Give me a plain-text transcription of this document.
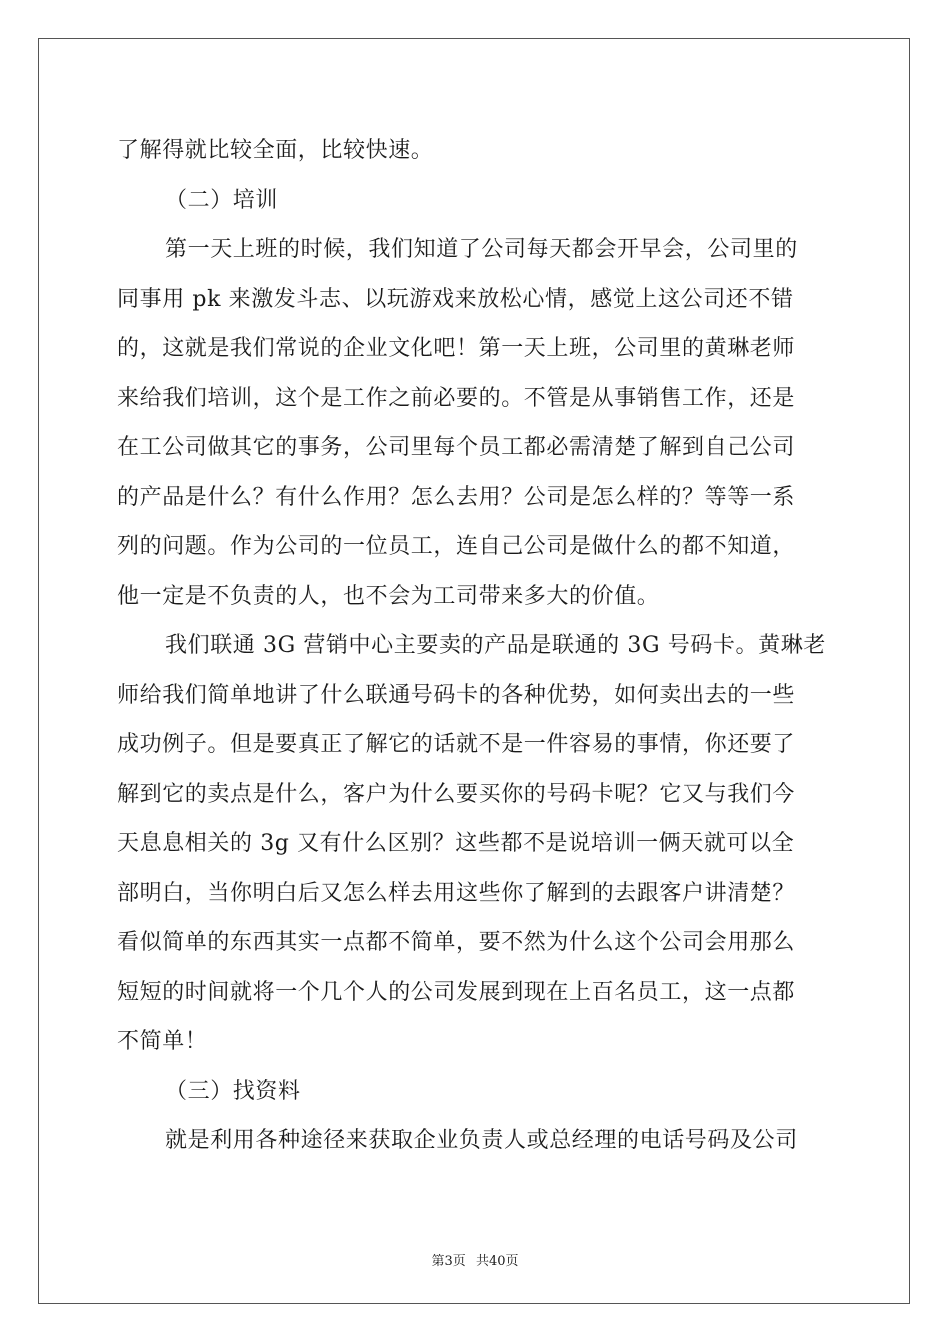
了解得就比较全面，比较快速。
（二）培训
第一天上班的时候，我们知道了公司每天都会开早会，公司里的
同事用 pk 来激发斗志、以玩游戏来放松心情，感觉上这公司还不错
的，这就是我们常说的企业文化吧！第一天上班，公司里的黄琳老师
来给我们培训，这个是工作之前必要的。不管是从事销售工作，还是
在工公司做其它的事务，公司里每个员工都必需清楚了解到自己公司
的产品是什么？有什么作用？怎么去用？公司是怎么样的？等等一系
列的问题。作为公司的一位员工，连自己公司是做什么的都不知道，
他一定是不负责的人，也不会为工司带来多大的价值。
我们联通 3G 营销中心主要卖的产品是联通的 3G 号码卡。黄琳老
师给我们简单地讲了什么联通号码卡的各种优势，如何卖出去的一些
成功例子。但是要真正了解它的话就不是一件容易的事情，你还要了
解到它的卖点是什么，客户为什么要买你的号码卡呢？它又与我们今
天息息相关的 3g 又有什么区别？这些都不是说培训一俩天就可以全
部明白，当你明白后又怎么样去用这些你了解到的去跟客户讲清楚？
看似简单的东西其实一点都不简单，要不然为什么这个公司会用那么
短短的时间就将一个几个人的公司发展到现在上百名员工，这一点都
不简单！
（三）找资料
就是利用各种途径来获取企业负责人或总经理的电话号码及公司
第3页 共40页
